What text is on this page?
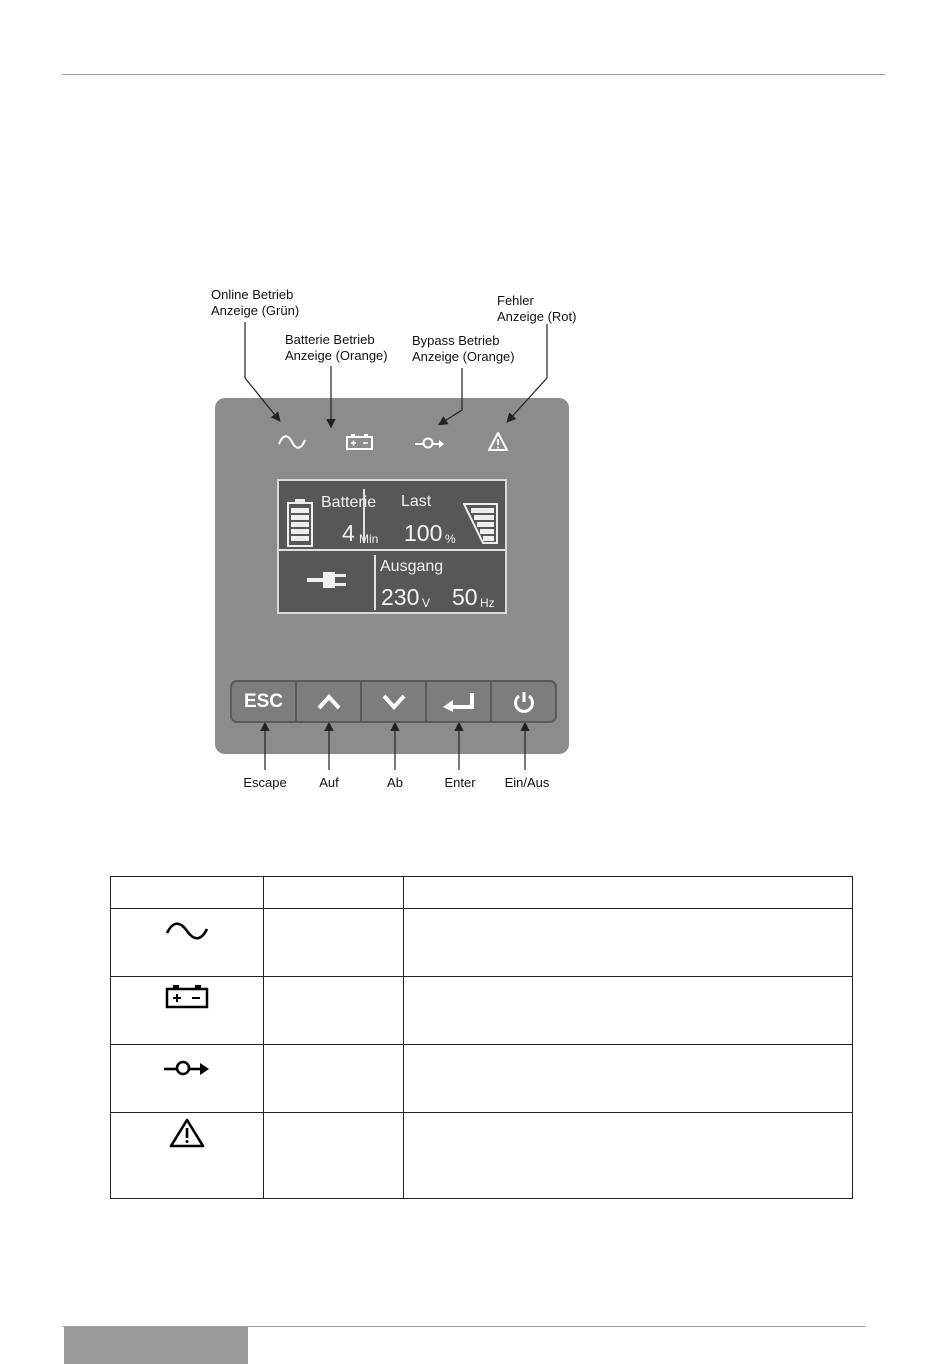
Online Betrieb
Anzeige (Grün)
Batterie Betrieb
Anzeige (Orange)
Bypass Betrieb
Anzeige (Orange)
Fehler
Anzeige (Rot)
Batterie
4 Min
Last
100 %
Ausgang
230 V 50 Hz
ESC
Escape	Auf	Ab	Enter	Ein/Aus
